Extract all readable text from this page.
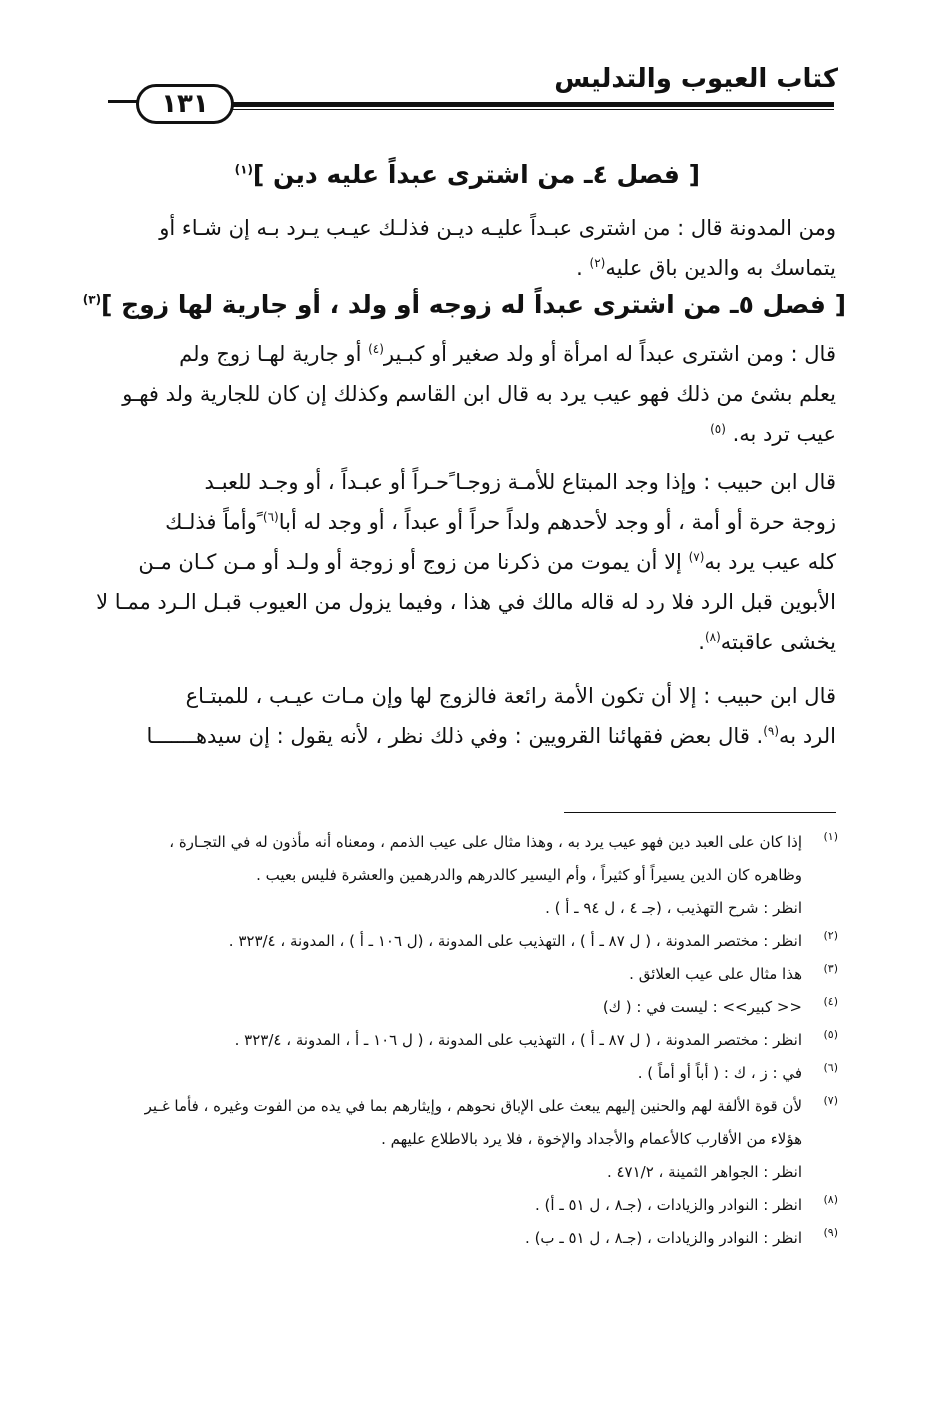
كتاب العيوب والتدليس
١٣١
[ فصل ٤ـ من اشترى عبداً عليه دين ]$^{(١)}$
ومن المدونة قال : من اشترى عبـداً عليـه ديـن فذلـك عيـب يـرد بـه إن شـاء أو
يتماسك به والدين باق عليه$^{(٢)}$ .
[ فصل ٥ـ من اشترى عبداً له زوجه أو ولد ، أو جارية لها زوج ]$^{(٣)}$
قال : ومن اشترى عبداً له امرأة أو ولد صغير أو كبـير$^{(٤)}$ أو جارية لهـا زوج ولم
يعلم بشئ من ذلك فهو عيب يرد به قال ابن القاسم وكذلك إن كان للجارية ولد فهـو
عيب ترد به. $^{(٥)}$
قال ابن حبيب : وإذا وجد المبتاع للأمـة زوجـا ًحـراً أو عبـداً ، أو وجـد للعبـد
زوجة حرة أو أمة ، أو وجد لأحدهم ولداً حراً أو عبداً ، أو وجد له أبا$^{(٦)}$ ًوأماً فذلـك
كله عيب يرد به$^{(٧)}$ إلا أن يموت من ذكرنا من زوج أو زوجة أو ولـد أو مـن كـان مـن
الأبوين قبل الرد فلا رد له قاله مالك في هذا ، وفيما يزول من العيوب قبـل الـرد ممـا لا
يخشى عاقبته$^{(٨)}$.
قال ابن حبيب : إلا أن تكون الأمة رائعة فالزوج لها وإن مـات عيـب ، للمبتـاع
الرد به$^{(٩)}$. قال بعض فقهائنا القرويين : وفي ذلك نظر ، لأنه يقول : إن سيدهـــــــا
(١)
إذا كان على العبد دين فهو عيب يرد به ، وهذا مثال على عيب الذمم ، ومعناه أنه مأذون له في التجـارة ،
وظاهره كان الدين يسيراً أو كثيراً ، وأم اليسير كالدرهم والدرهمين والعشرة فليس بعيب .
انظر : شرح التهذيب ، (جـ ٤ ، ل ٩٤ ـ أ ) .
(٢)
انظر : مختصر المدونة ، ( ل ٨٧ ـ أ ) ، التهذيب على المدونة ، (ل ١٠٦ ـ أ ) ، المدونة ، ٣٢٣/٤ .
(٣)
هذا مثال على عيب العلائق .
(٤)
<< كبير>> : ليست في : ( ك)
(٥)
انظر : مختصر المدونة ، ( ل ٨٧ ـ أ ) ، التهذيب على المدونة ، ( ل ١٠٦ ـ أ ، المدونة ، ٣٢٣/٤ .
(٦)
في : ز ، ك : ( أباً أو أماً ) .
(٧)
لأن قوة الألفة لهم والحنين إليهم يبعث على الإباق نحوهم ، وإيثارهم بما في يده من الفوت وغيره ، فأما غـير
هؤلاء من الأقارب كالأعمام والأجداد والإخوة ، فلا يرد بالاطلاع عليهم .
انظر : الجواهر الثمينة ، ٤٧١/٢ .
(٨)
انظر : النوادر والزيادات ، (جـ٨ ، ل ٥١ ـ أ) .
(٩)
انظر : النوادر والزيادات ، (جـ٨ ، ل ٥١ ـ ب) .
